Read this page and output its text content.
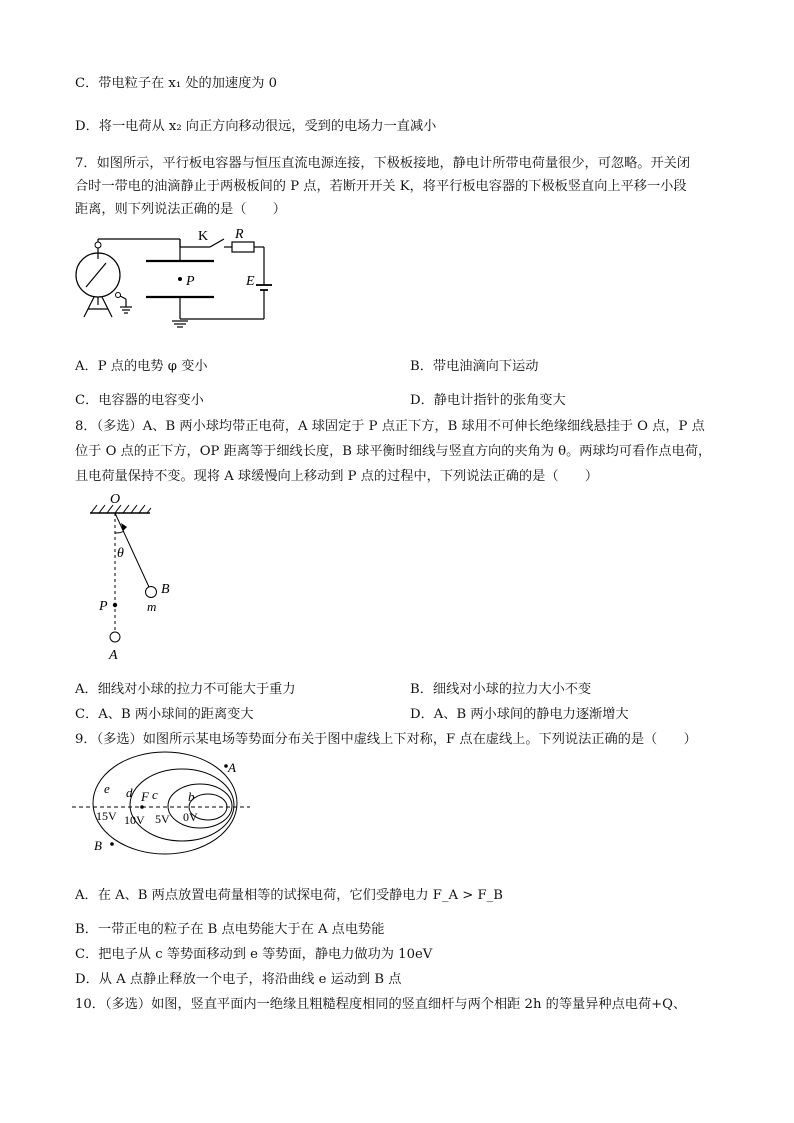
C．带电粒子在 x₁ 处的加速度为 0
D．将一电荷从 x₂ 向正方向移动很远，受到的电场力一直减小
7．如图所示，平行板电容器与恒压直流电源连接，下极板接地，静电计所带电荷量很少，可忽略。开关闭
合时一带电的油滴静止于两极板间的 P 点，若断开开关 K，将平行板电容器的下极板竖直向上平移一小段
距离，则下列说法正确的是（　　）
K R
P	E
A．P 点的电势 φ 变小	B．带电油滴向下运动
C．电容器的电容变小	D．静电计指针的张角变大
8．（多选）A、B 两小球均带正电荷，A 球固定于 P 点正下方，B 球用不可伸长绝缘细线悬挂于 O 点，P 点
位于 O 点的正下方，OP 距离等于细线长度，B 球平衡时细线与竖直方向的夹角为 θ。两球均可看作点电荷，
且电荷量保持不变。现将 A 球缓慢向上移动到 P 点的过程中，下列说法正确的是（　　）
O
θ
B
m
P
A
A．细线对小球的拉力不可能大于重力	B．细线对小球的拉力大小不变
C．A、B 两小球间的距离变大	D．A、B 两小球间的静电力逐渐增大
9．（多选）如图所示某电场等势面分布关于图中虚线上下对称，F 点在虚线上。下列说法正确的是（　　）
A
B
e d F c b
15V 10V 5V 0V
A．在 A、B 两点放置电荷量相等的试探电荷，它们受静电力 F_A > F_B
B．一带正电的粒子在 B 点电势能大于在 A 点电势能
C．把电子从 c 等势面移动到 e 等势面，静电力做功为 10eV
D．从 A 点静止释放一个电子，将沿曲线 e 运动到 B 点
10．（多选）如图，竖直平面内一绝缘且粗糙程度相同的竖直细杆与两个相距 2h 的等量异种点电荷+Q、
